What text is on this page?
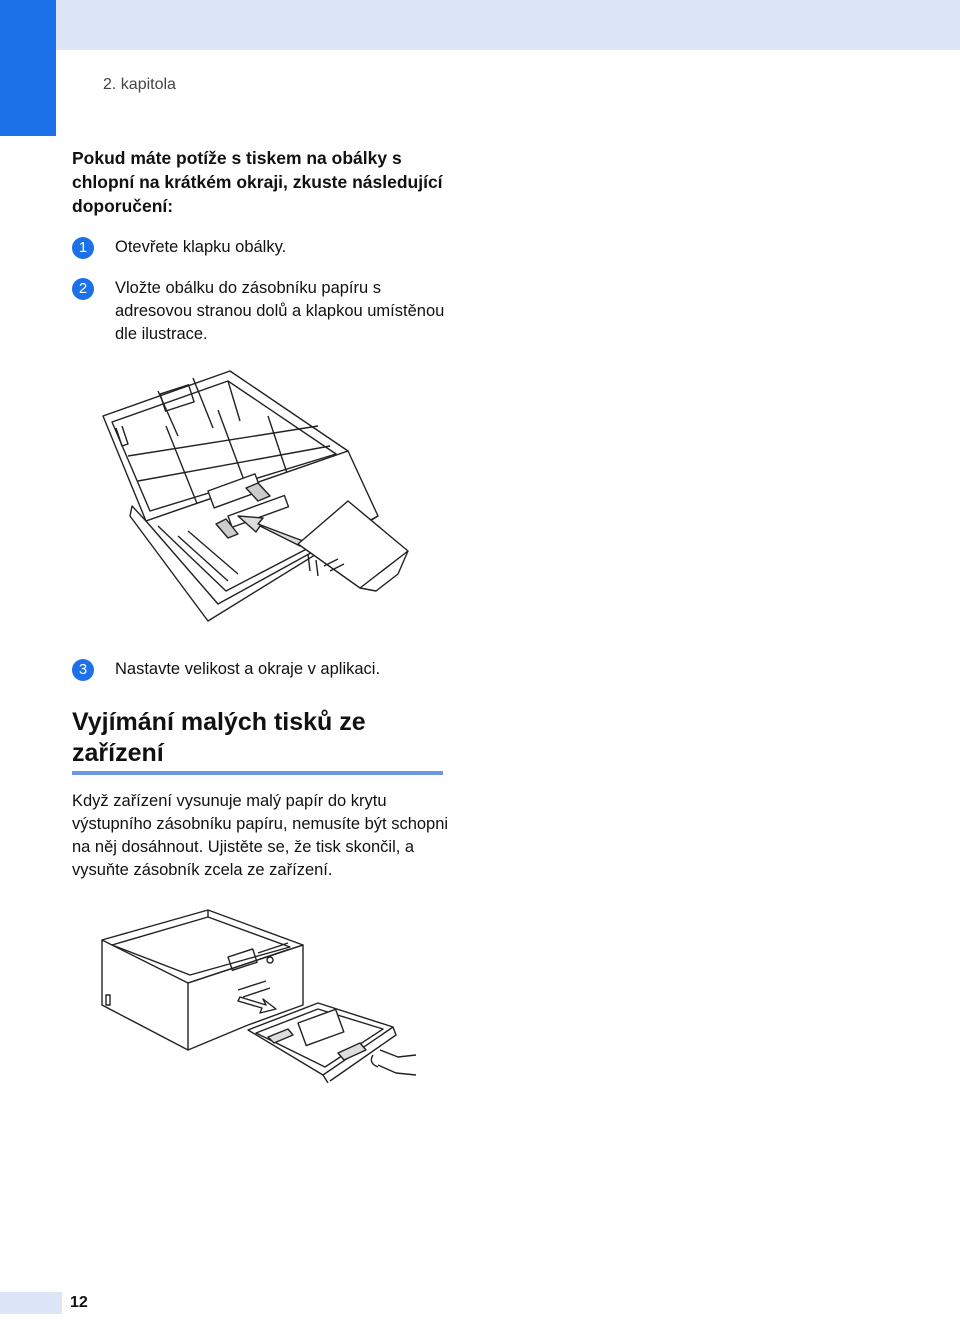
2. kapitola
Pokud máte potíže s tiskem na obálky s chlopní na krátkém okraji, zkuste následující doporučení:
1	Otevřete klapku obálky.
2	Vložte obálku do zásobníku papíru s adresovou stranou dolů a klapkou umístěnou dle ilustrace.
3	Nastavte velikost a okraje v aplikaci.
Vyjímání malých tisků ze zařízení
Když zařízení vysunuje malý papír do krytu výstupního zásobníku papíru, nemusíte být schopni na něj dosáhnout. Ujistěte se, že tisk skončil, a vysuňte zásobník zcela ze zařízení.
12
